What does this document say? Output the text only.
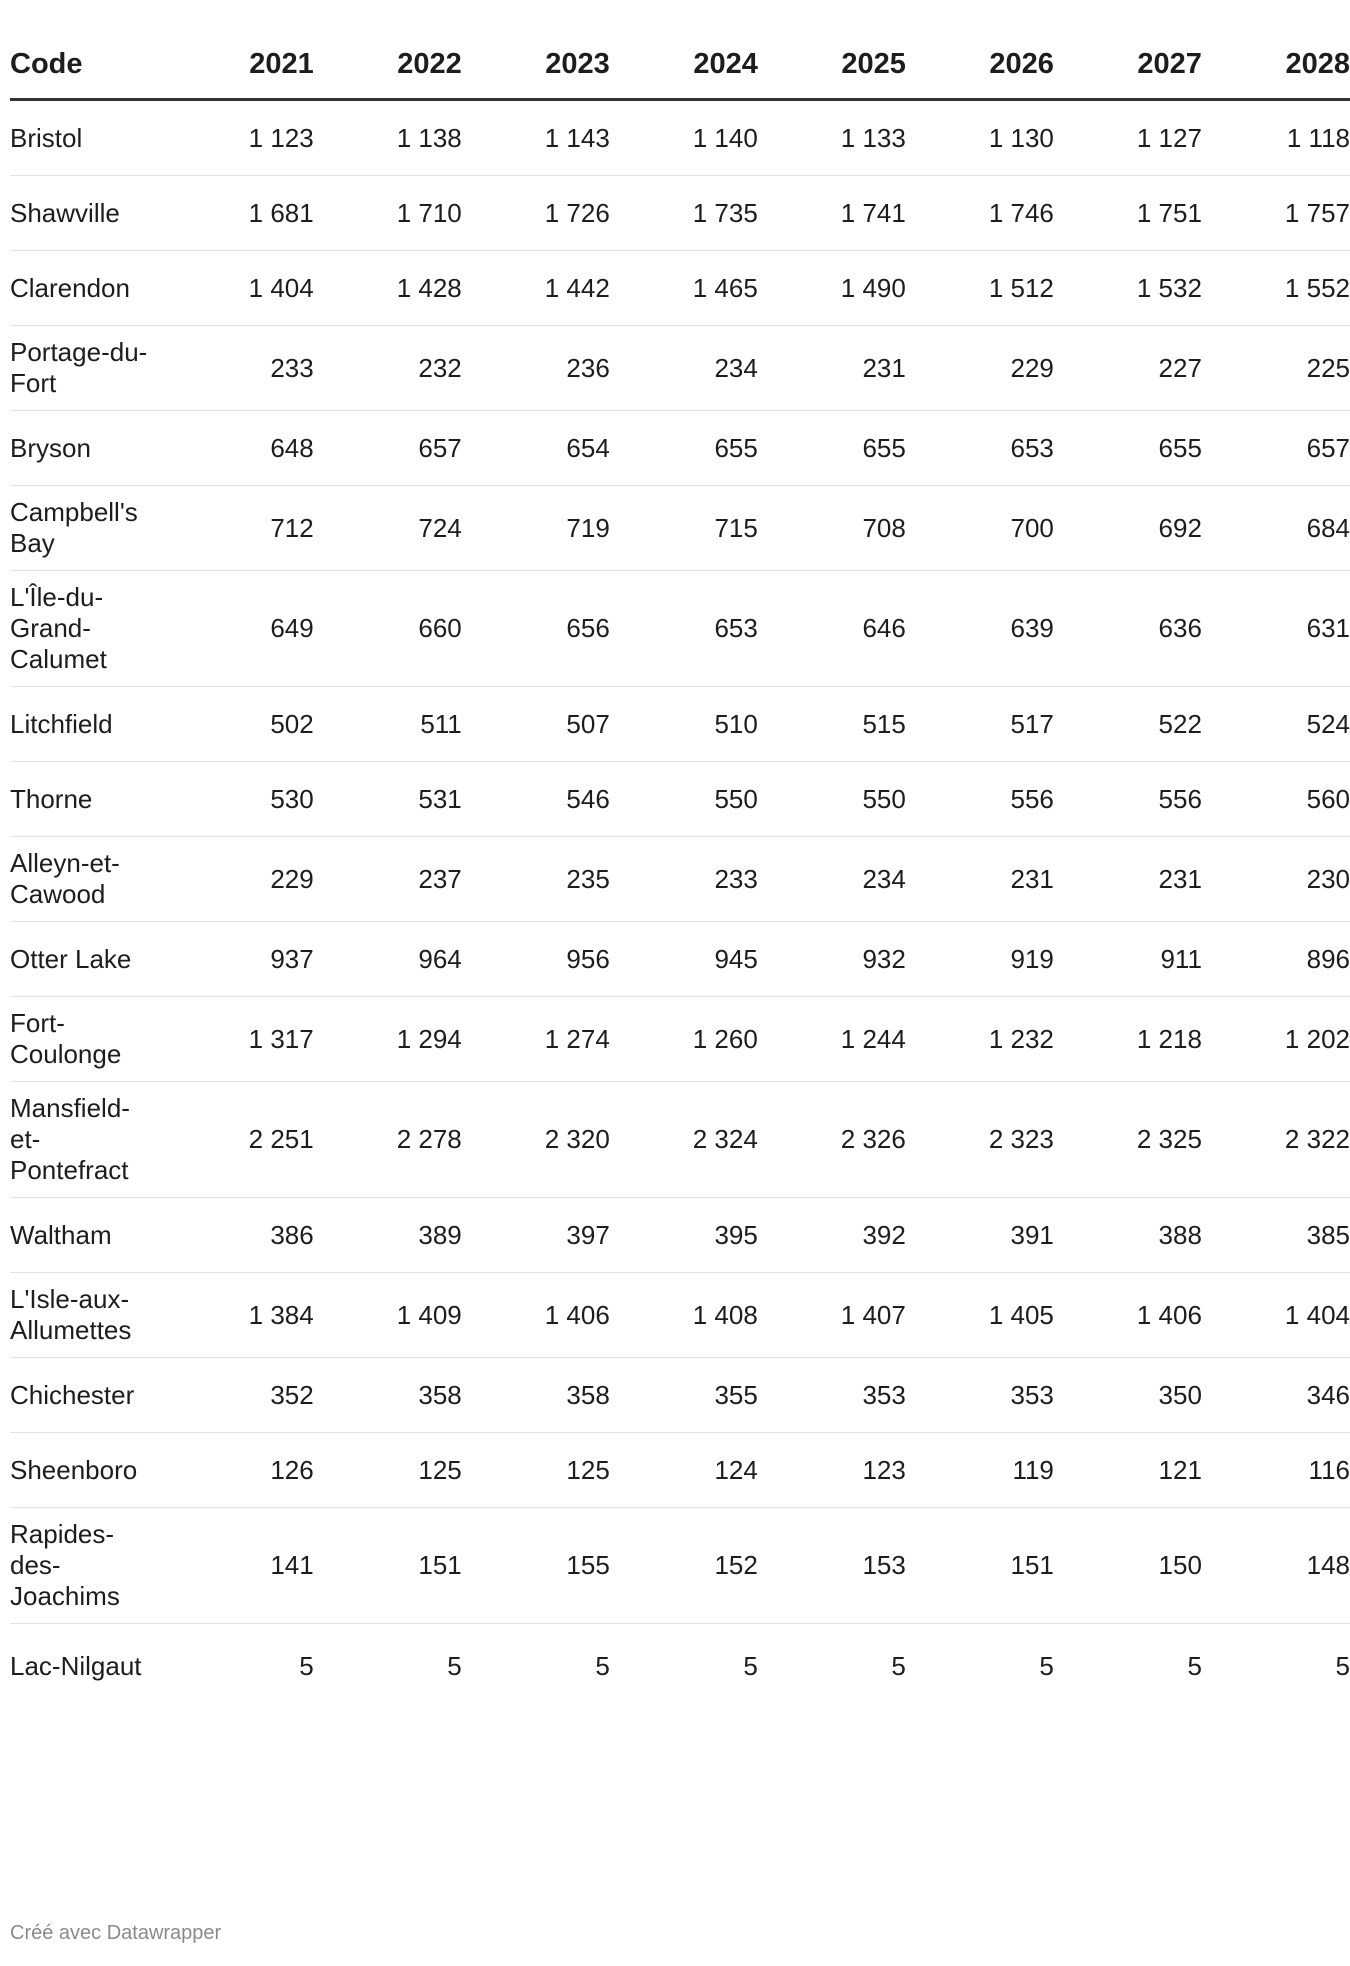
Code	2021	2022	2023	2024	2025	2026	2027	2028
Bristol	1 123	1 138	1 143	1 140	1 133	1 130	1 127	1 118
Shawville	1 681	1 710	1 726	1 735	1 741	1 746	1 751	1 757
Clarendon	1 404	1 428	1 442	1 465	1 490	1 512	1 532	1 552
Portage-du-Fort	233	232	236	234	231	229	227	225
Bryson	648	657	654	655	655	653	655	657
Campbell's Bay	712	724	719	715	708	700	692	684
L'Île-du-Grand-Calumet	649	660	656	653	646	639	636	631
Litchfield	502	511	507	510	515	517	522	524
Thorne	530	531	546	550	550	556	556	560
Alleyn-et-Cawood	229	237	235	233	234	231	231	230
Otter Lake	937	964	956	945	932	919	911	896
Fort-Coulonge	1 317	1 294	1 274	1 260	1 244	1 232	1 218	1 202
Mansfield-et-Pontefract	2 251	2 278	2 320	2 324	2 326	2 323	2 325	2 322
Waltham	386	389	397	395	392	391	388	385
L'Isle-aux-Allumettes	1 384	1 409	1 406	1 408	1 407	1 405	1 406	1 404
Chichester	352	358	358	355	353	353	350	346
Sheenboro	126	125	125	124	123	119	121	116
Rapides-des-Joachims	141	151	155	152	153	151	150	148
Lac-Nilgaut	5	5	5	5	5	5	5	5
Créé avec Datawrapper
